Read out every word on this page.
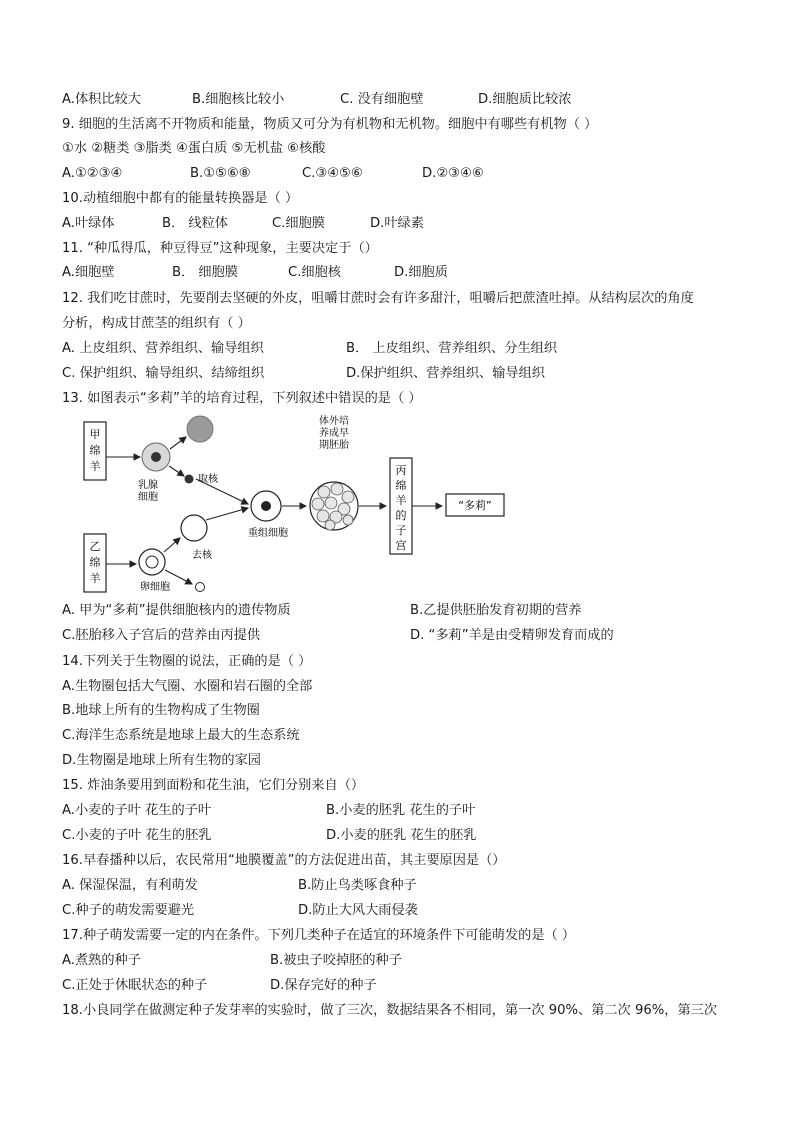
A.体积比较大	B.细胞核比较小	C. 没有细胞壁	D.细胞质比较浓
9. 细胞的生活离不开物质和能量，物质又可分为有机物和无机物。细胞中有哪些有机物（ ）
①水 ②糖类 ③脂类 ④蛋白质 ⑤无机盐 ⑥核酸
A.①②③④	B.①⑤⑥⑧	C.③④⑤⑥	D.②③④⑥
10.动植细胞中都有的能量转换器是（ ）
A.叶绿体	B． 线粒体	C.细胞膜	D.叶绿素
11. “种瓜得瓜，种豆得豆”这种现象，主要决定于（）
A.细胞壁	B． 细胞膜	C.细胞核	D.细胞质
12. 我们吃甘蔗时，先要削去坚硬的外皮，咀嚼甘蔗时会有许多甜汁，咀嚼后把蔗渣吐掉。从结构层次的角度
分析，构成甘蔗茎的组织有（ ）
A. 上皮组织、营养组织、输导组织	B． 上皮组织、营养组织、分生组织
C. 保护组织、输导组织、结缔组织	D.保护组织、营养组织、输导组织
13. 如图表示“多莉”羊的培育过程，下列叙述中错误的是（ ）
甲
绵
羊
乳腺
细胞
取核
乙
绵
羊
卵细胞
去核
重组细胞
体外培
养成早
期胚胎
丙
绵
羊
的
子
宫
“多莉”
A. 甲为“多莉”提供细胞核内的遗传物质	B.乙提供胚胎发育初期的营养
C.胚胎移入子宫后的营养由丙提供	D. “多莉”羊是由受精卵发育而成的
14.下列关于生物圈的说法，正确的是（ ）
A.生物圈包括大气圈、水圈和岩石圈的全部
B.地球上所有的生物构成了生物圈
C.海洋生态系统是地球上最大的生态系统
D.生物圈是地球上所有生物的家园
15. 炸油条要用到面粉和花生油，它们分别来自（）
A.小麦的子叶 花生的子叶	B.小麦的胚乳 花生的子叶
C.小麦的子叶 花生的胚乳	D.小麦的胚乳 花生的胚乳
16.早春播种以后，农民常用“地膜覆盖”的方法促进出苗，其主要原因是（）
A. 保湿保温，有利萌发	B.防止鸟类啄食种子
C.种子的萌发需要避光	D.防止大风大雨侵袭
17.种子萌发需要一定的内在条件。下列几类种子在适宜的环境条件下可能萌发的是（ ）
A.煮熟的种子	B.被虫子咬掉胚的种子
C.正处于休眠状态的种子	D.保存完好的种子
18.小良同学在做测定种子发芽率的实验时，做了三次，数据结果各不相同，第一次 90%、第二次 96%，第三次
